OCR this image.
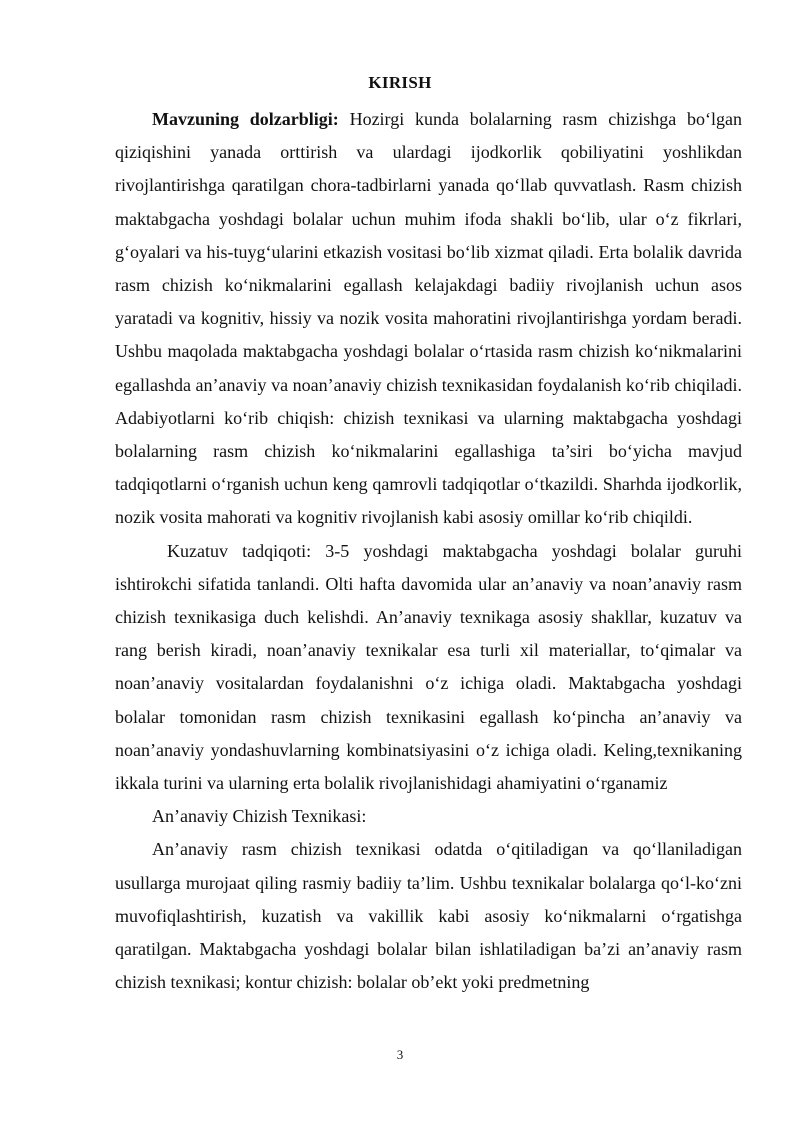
KIRISH

Mavzuning dolzarbligi: Hozirgi kunda bolalarning rasm chizishga bo‘lgan qiziqishini yanada orttirish va ulardagi ijodkorlik qobiliyatini yoshlikdan rivojlantirishga qaratilgan chora-tadbirlarni yanada qo‘llab quvvatlash. Rasm chizish maktabgacha yoshdagi bolalar uchun muhim ifoda shakli bo‘lib, ular o‘z fikrlari, g‘oyalari va his-tuyg‘ularini etkazish vositasi bo‘lib xizmat qiladi. Erta bolalik davrida rasm chizish ko‘nikmalarini egallash kelajakdagi badiiy rivojlanish uchun asos yaratadi va kognitiv, hissiy va nozik vosita mahoratini rivojlantirishga yordam beradi. Ushbu maqolada maktabgacha yoshdagi bolalar o‘rtasida rasm chizish ko‘nikmalarini egallashda an’anaviy va noan’anaviy chizish texnikasidan foydalanish ko‘rib chiqiladi. Adabiyotlarni ko‘rib chiqish: chizish texnikasi va ularning maktabgacha yoshdagi bolalarning rasm chizish ko‘nikmalarini egallashiga ta’siri bo‘yicha mavjud tadqiqotlarni o‘rganish uchun keng qamrovli tadqiqotlar o‘tkazildi. Sharhda ijodkorlik, nozik vosita mahorati va kognitiv rivojlanish kabi asosiy omillar ko‘rib chiqildi.

Kuzatuv tadqiqoti: 3-5 yoshdagi maktabgacha yoshdagi bolalar guruhi ishtirokchi sifatida tanlandi. Olti hafta davomida ular an’anaviy va noan’anaviy rasm chizish texnikasiga duch kelishdi. An’anaviy texnikaga asosiy shakllar, kuzatuv va rang berish kiradi, noan’anaviy texnikalar esa turli xil materiallar, to‘qimalar va noan’anaviy vositalardan foydalanishni o‘z ichiga oladi. Maktabgacha yoshdagi bolalar tomonidan rasm chizish texnikasini egallash ko‘pincha an’anaviy va noan’anaviy yondashuvlarning kombinatsiyasini o‘z ichiga oladi. Keling,texnikaning ikkala turini va ularning erta bolalik rivojlanishidagi ahamiyatini o‘rganamiz

An’anaviy Chizish Texnikasi:

An’anaviy rasm chizish texnikasi odatda o‘qitiladigan va qo‘llaniladigan usullarga murojaat qiling rasmiy badiiy ta’lim. Ushbu texnikalar bolalarga qo‘l-ko‘zni muvofiqlashtirish, kuzatish va vakillik kabi asosiy ko‘nikmalarni o‘rgatishga qaratilgan. Maktabgacha yoshdagi bolalar bilan ishlatiladigan ba’zi an’anaviy rasm chizish texnikasi; kontur chizish: bolalar ob’ekt yoki predmetning

3
